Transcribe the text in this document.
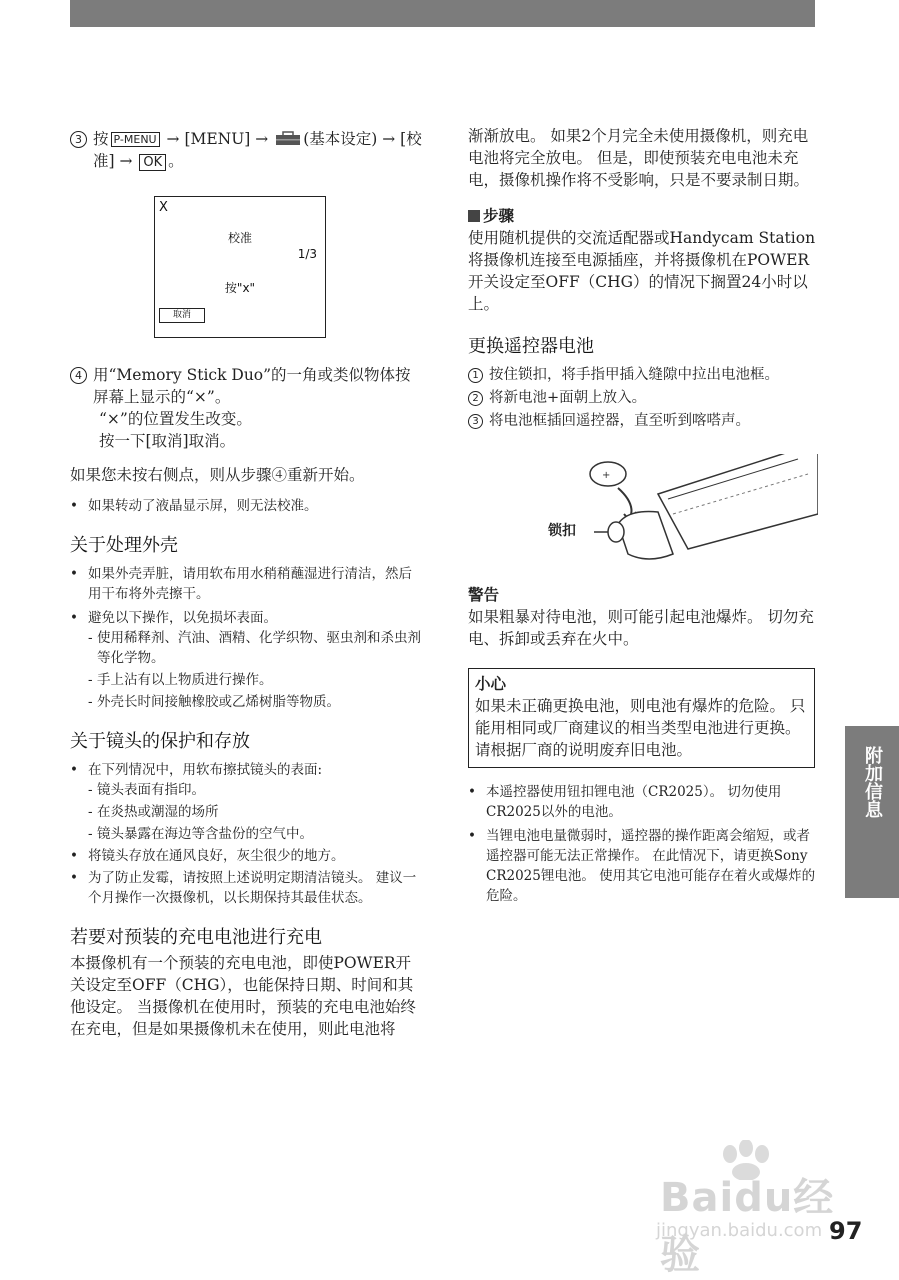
3 按 P-MENU → [MENU] → (基本设定) → [校准] → OK 。
X
校准
1/3
按"x"
取消
4 用“Memory Stick Duo”的一角或类似物体按屏幕上显示的“×”。
“×”的位置发生改变。
按一下[取消]取消。

如果您未按右侧点，则从步骤④重新开始。

• 如果转动了液晶显示屏，则无法校准。
关于处理外壳
• 如果外壳弄脏，请用软布用水稍稍蘸湿进行清洁，然后用干布将外壳擦干。
• 避免以下操作，以免损坏表面。
- 使用稀释剂、汽油、酒精、化学织物、驱虫剂和杀虫剂等化学物。
- 手上沾有以上物质进行操作。
- 外壳长时间接触橡胶或乙烯树脂等物质。
关于镜头的保护和存放
• 在下列情况中，用软布擦拭镜头的表面:
- 镜头表面有指印。
- 在炎热或潮湿的场所
- 镜头暴露在海边等含盐份的空气中。
• 将镜头存放在通风良好，灰尘很少的地方。
• 为了防止发霉，请按照上述说明定期清洁镜头。 建议一个月操作一次摄像机，以长期保持其最佳状态。
若要对预装的充电电池进行充电

本摄像机有一个预装的充电电池，即使POWER开关设定至OFF（CHG），也能保持日期、时间和其他设定。 当摄像机在使用时，预装的充电电池始终在充电，但是如果摄像机未在使用，则此电池将

渐渐放电。 如果2个月完全未使用摄像机，则充电电池将完全放电。 但是，即使预装充电电池未充电，摄像机操作将不受影响，只是不要录制日期。

步骤

使用随机提供的交流适配器或Handycam Station将摄像机连接至电源插座，并将摄像机在POWER开关设定至OFF（CHG）的情况下搁置24小时以上。

更换遥控器电池
1 按住锁扣，将手指甲插入缝隙中拉出电池框。
2 将新电池+面朝上放入。
3 将电池框插回遥控器，直至听到喀嗒声。
+
锁扣
警告

如果粗暴对待电池，则可能引起电池爆炸。 切勿充电、拆卸或丢弃在火中。

小心

如果未正确更换电池，则电池有爆炸的危险。 只能用相同或厂商建议的相当类型电池进行更换。

请根据厂商的说明废弃旧电池。

• 本遥控器使用钮扣锂电池（CR2025）。 切勿使用CR2025以外的电池。
• 当锂电池电量微弱时，遥控器的操作距离会缩短，或者遥控器可能无法正常操作。 在此情况下，请更换Sony CR2025锂电池。 使用其它电池可能存在着火或爆炸的危险。
附加信息
Baidu经验
jingyan.baidu.com 97
